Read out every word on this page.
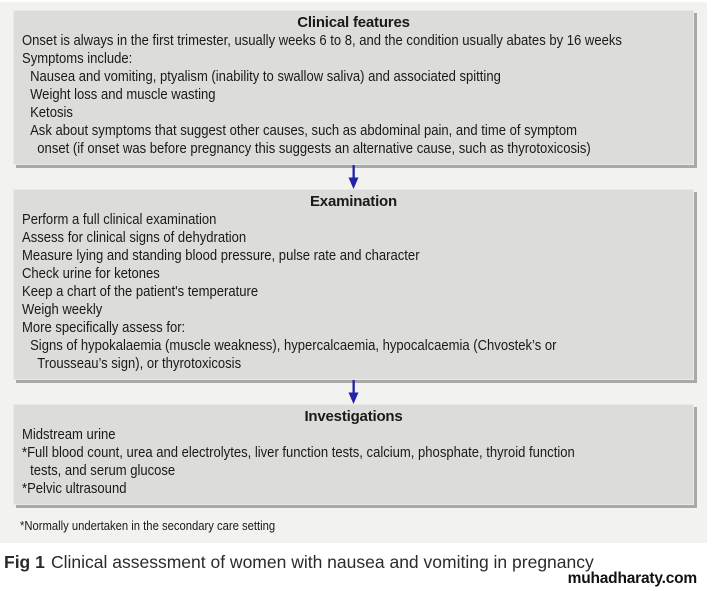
Clinical features
Onset is always in the first trimester, usually weeks 6 to 8, and the condition usually abates by 16 weeks
Symptoms include:
Nausea and vomiting, ptyalism (inability to swallow saliva) and associated spitting
Weight loss and muscle wasting
Ketosis
Ask about symptoms that suggest other causes, such as abdominal pain, and time of symptom
onset (if onset was before pregnancy this suggests an alternative cause, such as thyrotoxicosis)
Examination
Perform a full clinical examination
Assess for clinical signs of dehydration
Measure lying and standing blood pressure, pulse rate and character
Check urine for ketones
Keep a chart of the patient's temperature
Weigh weekly
More specifically assess for:
Signs of hypokalaemia (muscle weakness), hypercalcaemia, hypocalcaemia (Chvostek’s or
Trousseau’s sign), or thyrotoxicosis
Investigations
Midstream urine
*Full blood count, urea and electrolytes, liver function tests, calcium, phosphate, thyroid function
tests, and serum glucose
*Pelvic ultrasound
*Normally undertaken in the secondary care setting
Fig 1 Clinical assessment of women with nausea and vomiting in pregnancy
muhadharaty.com
